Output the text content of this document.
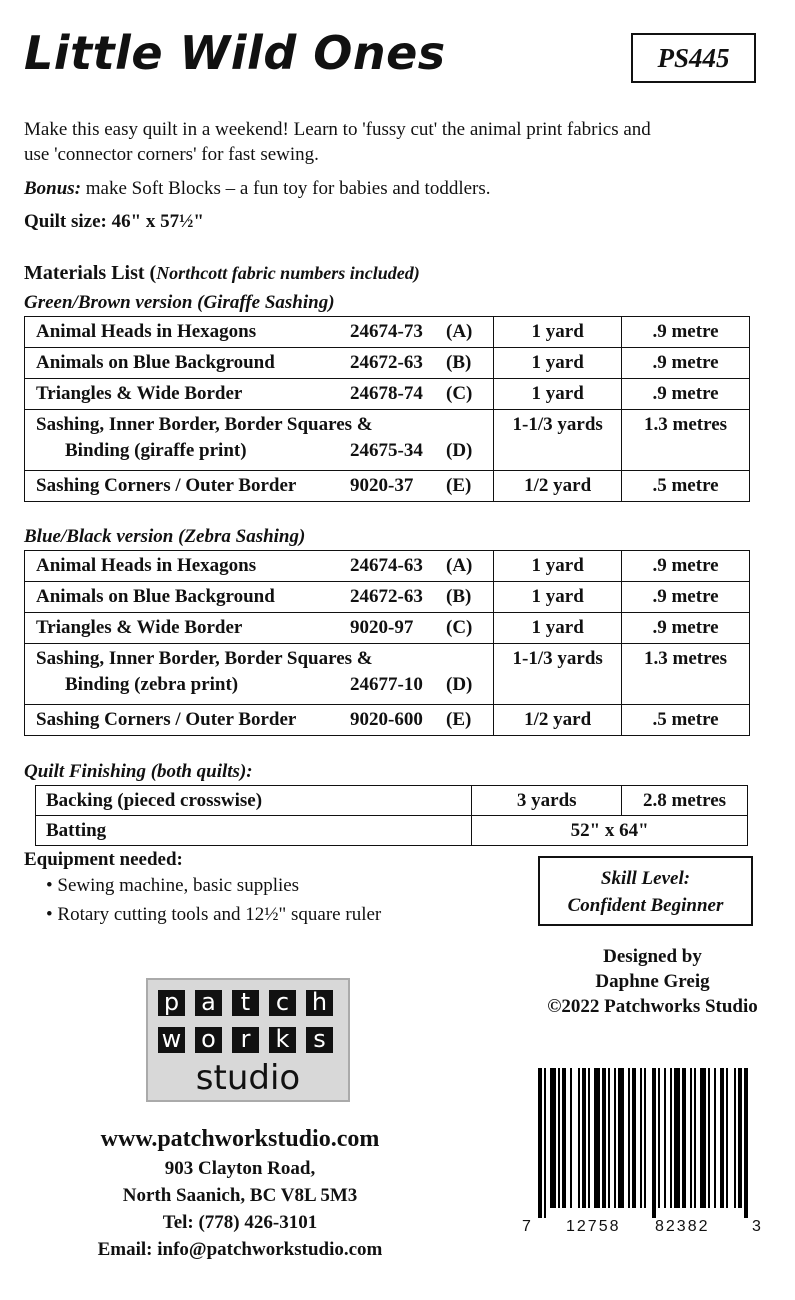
Little Wild Ones	PS445
Make this easy quilt in a weekend! Learn to 'fussy cut' the animal print fabrics and
use 'connector corners' for fast sewing.
Bonus: make Soft Blocks – a fun toy for babies and toddlers.
Quilt size: 46" x 57½"
Materials List (Northcott fabric numbers included)
Green/Brown version (Giraffe Sashing)
Animal Heads in Hexagons 24674-73 (A)	1 yard	.9 metre

Animals on Blue Background 24672-63 (B)	1 yard	.9 metre

Triangles & Wide Border 24678-74 (C)	1 yard	.9 metre

Sashing, Inner Border, Border Squares &
Binding (giraffe print) 24675-34 (D)	1-1/3 yards	1.3 metres

Sashing Corners / Outer Border 9020-37 (E)	1/2 yard	.5 metre
Blue/Black version (Zebra Sashing)
Animal Heads in Hexagons 24674-63 (A)	1 yard	.9 metre

Animals on Blue Background 24672-63 (B)	1 yard	.9 metre

Triangles & Wide Border 9020-97 (C)	1 yard	.9 metre

Sashing, Inner Border, Border Squares &
Binding (zebra print) 24677-10 (D)	1-1/3 yards	1.3 metres

Sashing Corners / Outer Border 9020-600 (E)	1/2 yard	.5 metre
Quilt Finishing (both quilts):
Backing (pieced crosswise)	3 yards	2.8 metres

Batting	52" x 64"	
Equipment needed:
• Sewing machine, basic supplies
• Rotary cutting tools and 12½" square ruler
Skill Level:
Confident Beginner
Designed by
Daphne Greig
©2022 Patchworks Studio
p a	t	c h
w o	r	k s
studio
www.patchworkstudio.com
903 Clayton Road,
North Saanich, BC V8L 5M3
Tel: (778) 426-3101
Email: info@patchworkstudio.com
7 12758 82382	3
